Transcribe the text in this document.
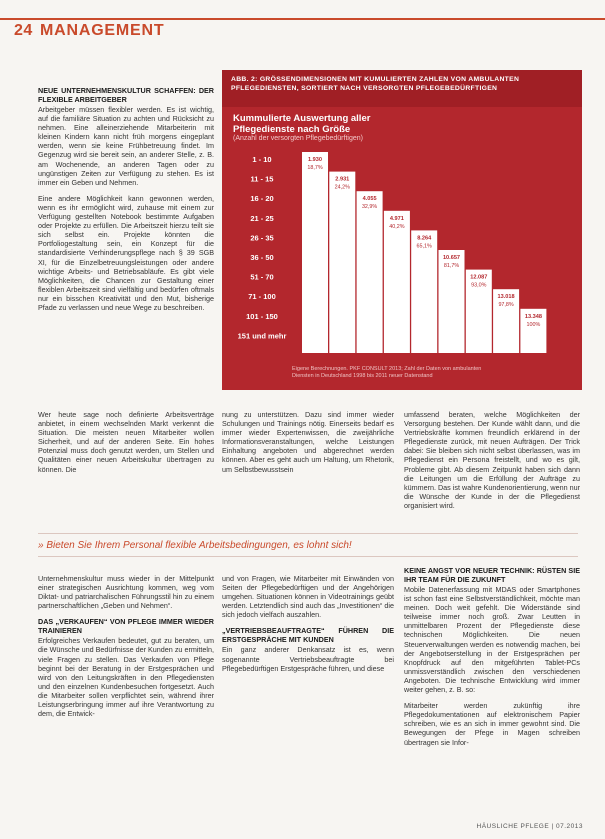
24 MANAGEMENT
NEUE UNTERNEHMENSKULTUR SCHAFFEN: DER FLEXIBLE ARBEITGEBER

Arbeitgeber müssen flexibler werden. Es ist wichtig, auf die familiäre Situation zu achten und Rücksicht zu nehmen. Eine alleinerziehende Mitarbeiterin mit kleinen Kindern kann nicht früh morgens eingeplant werden, wenn sie keine Frühbetreuung findet. Im Gegenzug wird sie bereit sein, an anderer Stelle, z. B. am Wochenende, an anderen Tagen oder zu ungünstigen Zeiten zur Verfügung zu stehen. Es ist immer ein Geben und Nehmen.

Eine andere Möglichkeit kann gewonnen werden, wenn es ihr ermöglicht wird, zuhause mit einem zur Verfügung gestellten Notebook bestimmte Aufgaben oder Projekte zu erfüllen. Die Arbeitszeit hierzu teilt sie sich selbst ein. Projekte könnten die Portfoliogestaltung sein, ein Konzept für die standardisierte Verhinderungspflege nach § 39 SGB XI, für die Einzelbetreuungsleistungen oder andere wichtige Arbeits- und Betriebsabläufe. Es gibt viele Möglichkeiten, die Chancen zur Gestaltung einer flexiblen Arbeitszeit sind vielfältig und bedürfen oftmals nur ein bisschen Kreativität und den Mut, bisherige Pfade zu verlassen und neue Wege zu beschreiben.

Wer heute sage noch definierte Arbeitsverträge anbietet, in einem wechselnden Markt verkennt die Situation. Die meisten neuen Mitarbeiter wollen Sicherheit, und auf der anderen Seite. Ein hohes Potenzial muss doch genutzt werden, um Stellen und Qualitäten einer neuen Arbeitskultur übertragen zu können. Die

nung zu unterstützen. Dazu sind immer wieder Schulungen und Trainings nötig. Einerseits bedarf es immer wieder Expertenwissen, die zweijährliche Informationsveranstaltungen, welche Leistungen Einhaltung angeboten und abgerechnet werden können. Aber es geht auch um Haltung, um Rhetorik, um Selbstbewusstsein

umfassend beraten, welche Möglichkeiten der Versorgung bestehen. Der Kunde wählt dann, und die Vertriebskräfte kommen freundlich erklärend in der Pflegedienste zurück, mit neuen Aufträgen. Der Trick dabei: Sie bleiben sich nicht selbst überlassen, was im Pflegedienst ein Persona freistellt, und wo es gilt, Probleme gibt. Ab diesem Zeitpunkt haben sich dann die Leitungen um die Erfüllung der Aufträge zu kümmern. Das ist wahre Kundenorientierung, wenn nur die Wünsche der Kunde in der die Pflegedienst organisiert wird.

ABB. 2: GRÖSSENDIMENSIONEN MIT KUMULIERTEN ZAHLEN VON AMBULANTEN
PFLEGEDIENSTEN, SORTIERT NACH VERSORGTEN PFLEGEBEDÜRFTIGEN
Kummulierte Auswertung aller
Pflegedienste nach Größe
(Anzahl der versorgten Pflegebedürftigen)
1 - 10
11 - 15
16 - 20
21 - 25
26 - 35
36 - 50
51 - 70
71 - 100
101 - 150
151 und mehr
1.930
18,7%
2.931
24,2%
4.055
32,9%
4.971
40,2%
8.264
65,1%
10.657
81,7%
12.087
93,0%
13.018
97,8%
13.348
100%
Eigene Berechnungen. PKF CONSULT 2013; Zahl der Daten von ambulanten
Diensten in Deutschland 1998 bis 2011 neuer Datenstand
» Bieten Sie Ihrem Personal flexible Arbeitsbedingungen, es lohnt sich!

Unternehmenskultur muss wieder in der Mittelpunkt einer strategischen Ausrichtung kommen, weg vom Diktat- und patriarchalischen Führungsstil hin zu einem partnerschaftlichen „Geben und Nehmen“.

DAS „VERKAUFEN“ VON PFLEGE IMMER WIEDER TRAINIEREN

Erfolgreiches Verkaufen bedeutet, gut zu beraten, um die Wünsche und Bedürfnisse der Kunden zu ermitteln, viele Fragen zu stellen. Das Verkaufen von Pflege beginnt bei der Beratung in der Erstgesprächen und wird von den Leitungskräften in den Pflegediensten und den einzelnen Kundenbesuchen fortgesetzt. Auch die Mitarbeiter sollen verpflichtet sein, während ihrer Leistungserbringung immer auf ihre Verantwortung zu dem, die Entwick-

und von Fragen, wie Mitarbeiter mit Einwänden von Seiten der Pflegebedürftigen und der Angehörigen umgehen. Situationen können in Videotrainings geübt werden. Letztendlich sind auch das „Investitionen“ die sich jedoch vielfach auszahlen.

„VERTRIEBSBEAUFTRAGTE“ FÜHREN DIE ERSTGESPRÄCHE MIT KUNDEN

Ein ganz anderer Denkansatz ist es, wenn sogenannte Vertriebsbeauftragte bei Pflegebedürftigen Erstgespräche führen, und diese

KEINE ANGST VOR NEUER TECHNIK: RÜSTEN SIE IHR TEAM FÜR DIE ZUKUNFT

Mobile Datenerfassung mit MDAS oder Smartphones ist schon fast eine Selbstverständlichkeit, möchte man meinen. Doch weit gefehlt. Die Widerstände sind teilweise immer noch groß. Zwar Leutten in unmittelbaren Prozent der Pflegedienste diese technischen Möglichkeiten. Die neuen Steuerverwaltungen werden es notwendig machen, bei der Angebotserstellung in der Erstgesprächen per Knopfdruck auf den mitgeführten Tablet-PCs unmissverständlich zwischen den verschiedenen Angeboten. Die technische Entwicklung wird immer weiter gehen, z. B. so:

Mitarbeiter werden zukünftig ihre Pflegedokumentationen auf elektronischem Papier schreiben, wie es an sich in immer gewohnt sind. Die Bewegungen der Pfege in Magen schreiben übertragen sie Infor-

HÄUSLICHE PFLEGE | 07.2013
